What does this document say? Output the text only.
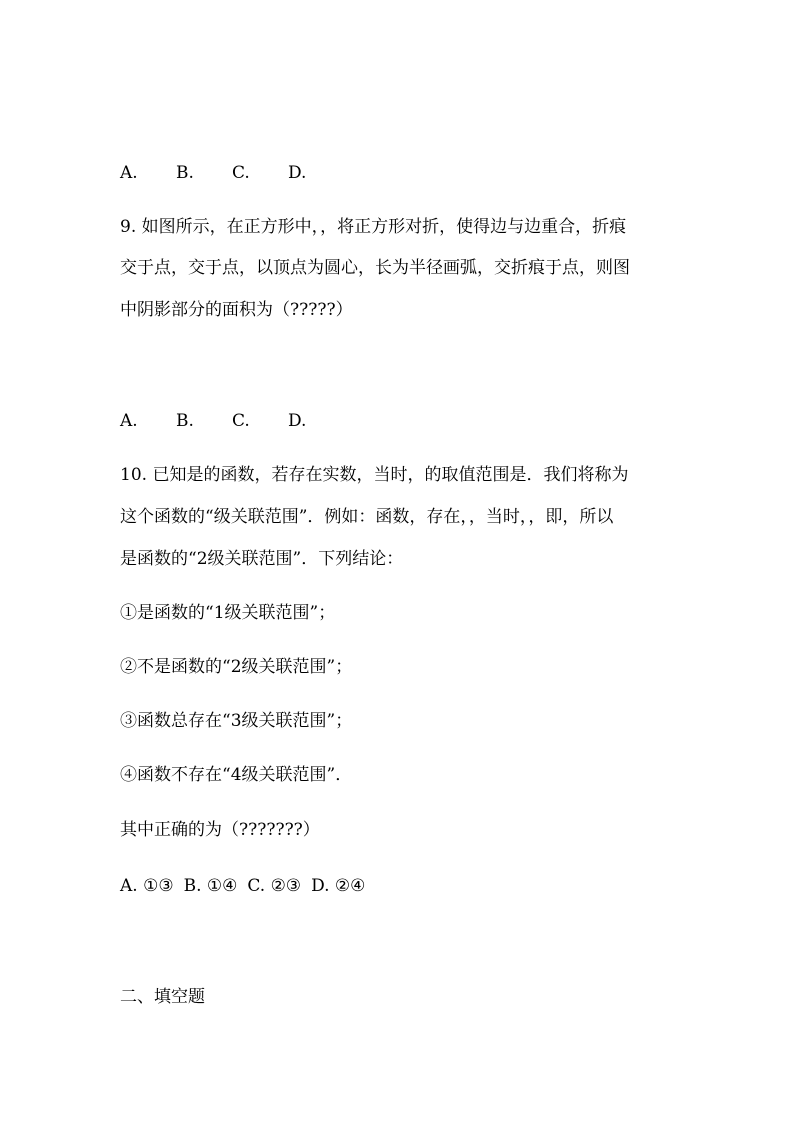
A. B. C. D.
9. 如图所示，在正方形中，，将正方形对折，使得边与边重合，折痕
交于点，交于点，以顶点为圆心，长为半径画弧，交折痕于点，则图
中阴影部分的面积为（?????）
A. B. C. D.
10. 已知是的函数，若存在实数，当时，的取值范围是．我们将称为
这个函数的“级关联范围”．例如：函数，存在，，当时，，即，所以
是函数的“2级关联范围”．下列结论：
①是函数的“1级关联范围”；
②不是函数的“2级关联范围”；
③函数总存在“3级关联范围”；
④函数不存在“4级关联范围”．
其中正确的为（???????）
A. ①③ B. ①④ C. ②③ D. ②④
二、填空题
